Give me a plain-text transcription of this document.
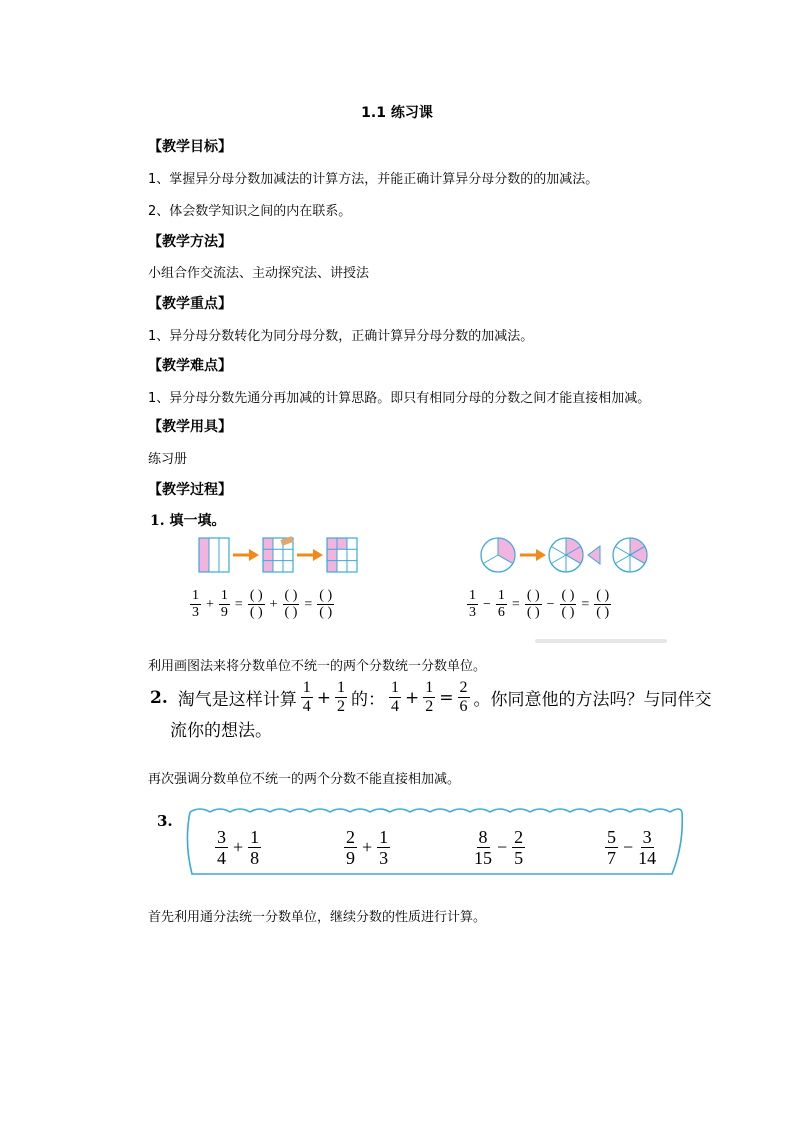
1.1 练习课
【教学目标】
1、掌握异分母分数加减法的计算方法，并能正确计算异分母分数的的加减法。
2、体会数学知识之间的内在联系。
【教学方法】
小组合作交流法、主动探究法、讲授法
【教学重点】
1、异分母分数转化为同分母分数，正确计算异分母分数的加减法。
【教学难点】
1、异分母分数先通分再加减的计算思路。即只有相同分母的分数之间才能直接相加减。
【教学用具】
练习册
【教学过程】
1. 填一填。
$\frac{1}{3} + \frac{1}{9} = \frac{( )}{( )} + \frac{( )}{( )} = \frac{( )}{( )}$	$\frac{1}{3} - \frac{1}{6} = \frac{( )}{( )} - \frac{( )}{( )} = \frac{( )}{( )}$
利用画图法来将分数单位不统一的两个分数统一分数单位。
2. 淘气是这样计算 $\frac{1}{4} + \frac{1}{2}$ 的： $\frac{1}{4} + \frac{1}{2} = \frac{2}{6}$ 。你同意他的方法吗？与同伴交
流你的想法。
再次强调分数单位不统一的两个分数不能直接相加减。
3.
$\frac{3}{4} + \frac{1}{8}$	$\frac{2}{9} + \frac{1}{3}$	$\frac{8}{15} - \frac{2}{5}$	$\frac{5}{7} - \frac{3}{14}$
首先利用通分法统一分数单位，继续分数的性质进行计算。
